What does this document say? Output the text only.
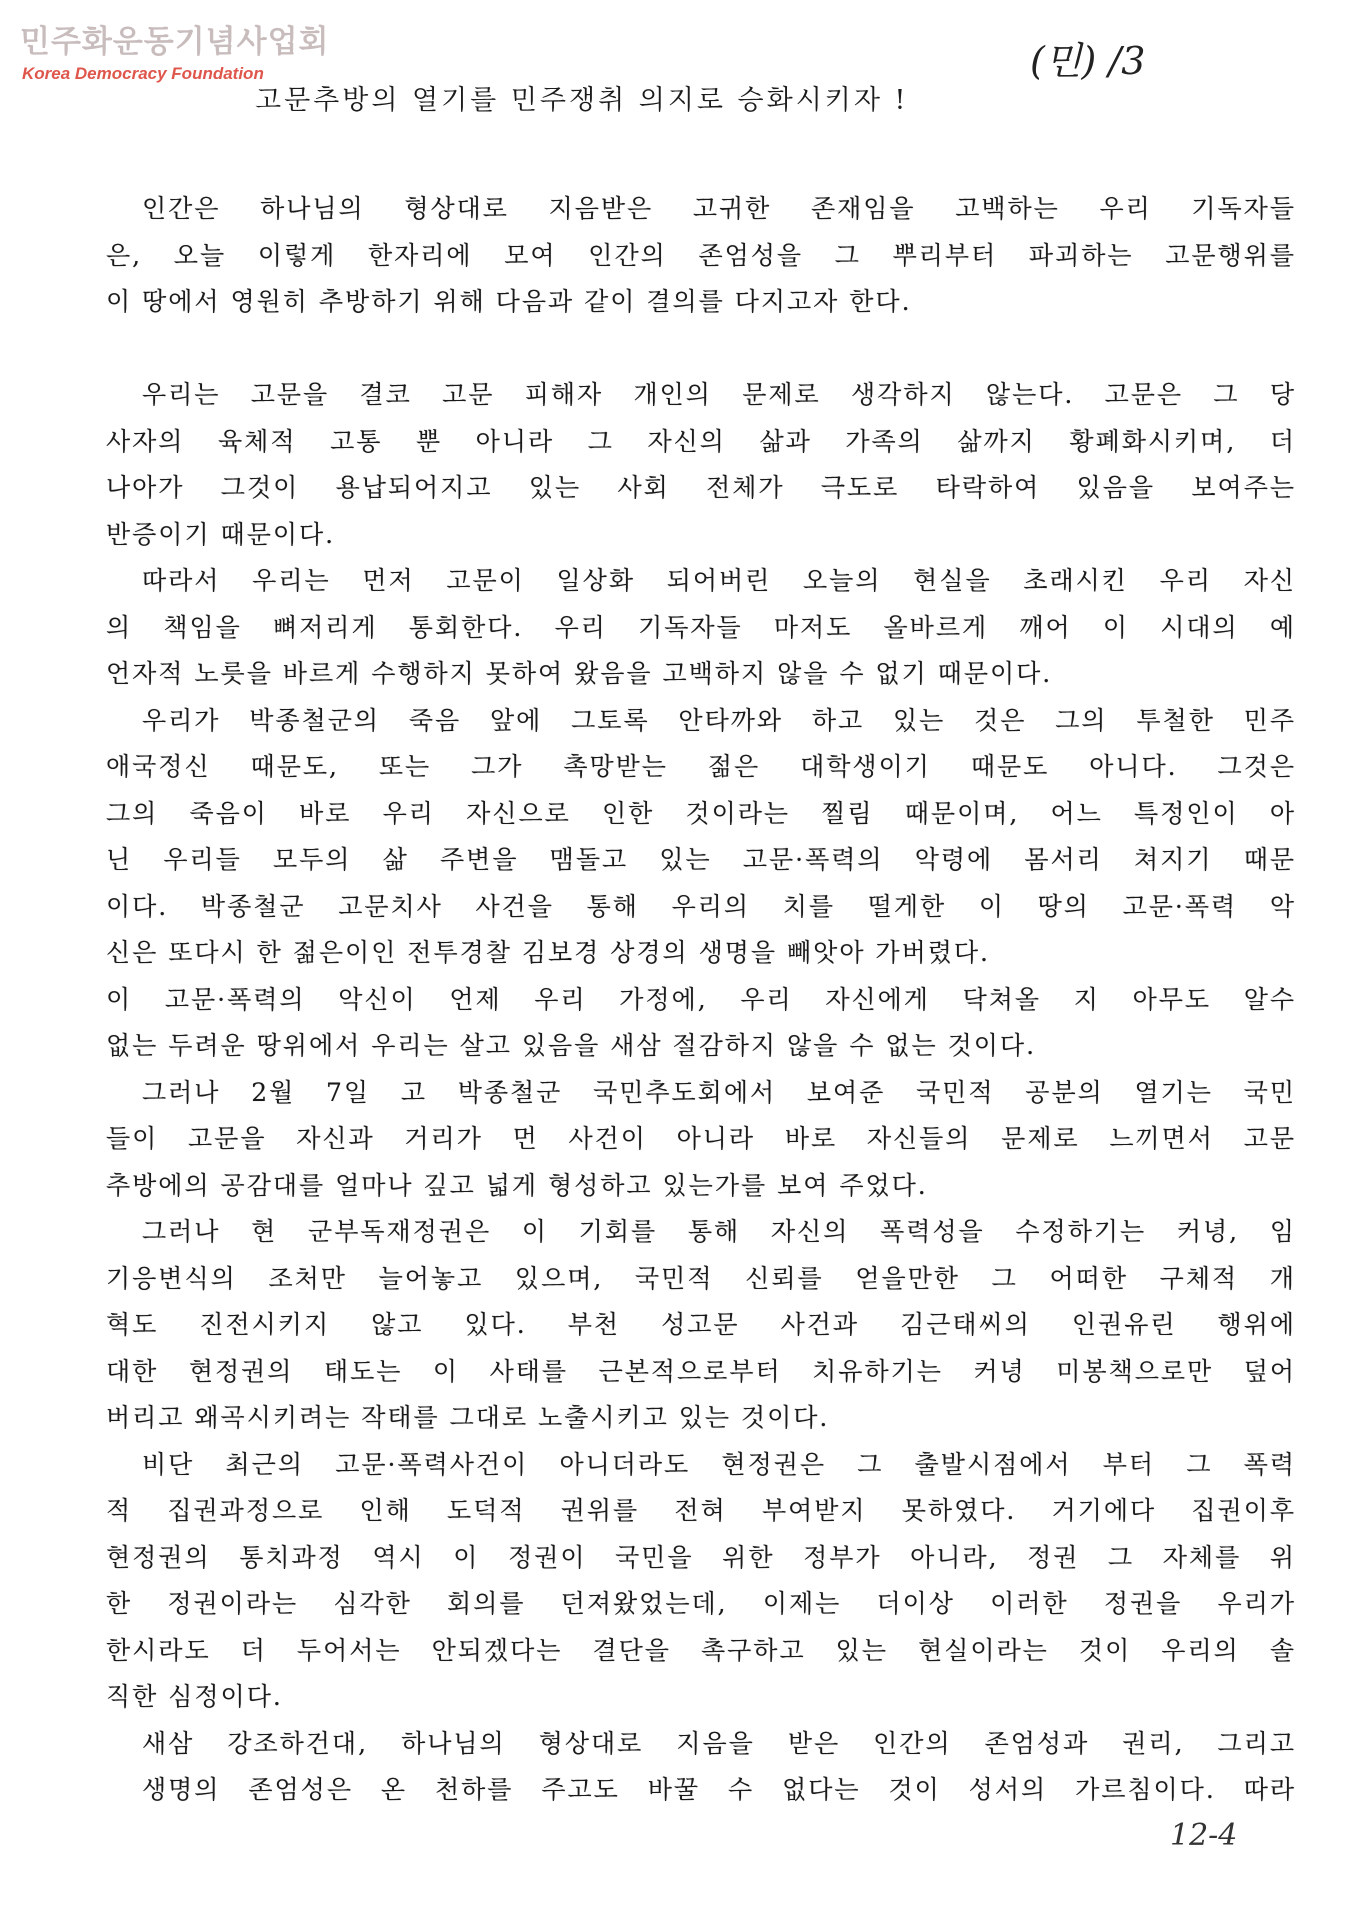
민주화운동기념사업회
Korea Democracy Foundation	(민) /3
고문추방의 열기를 민주쟁취 의지로 승화시키자 !
인간은 하나님의 형상대로 지음받은 고귀한 존재임을 고백하는 우리 기독자들
은, 오늘 이렇게 한자리에 모여 인간의 존엄성을 그 뿌리부터 파괴하는 고문행위를
이 땅에서 영원히 추방하기 위해 다음과 같이 결의를 다지고자 한다.
우리는 고문을 결코 고문 피해자 개인의 문제로 생각하지 않는다. 고문은 그 당
사자의 육체적 고통 뿐 아니라 그 자신의 삶과 가족의 삶까지 황폐화시키며, 더
나아가 그것이 용납되어지고 있는 사회 전체가 극도로 타락하여 있음을 보여주는
반증이기 때문이다.
따라서 우리는 먼저 고문이 일상화 되어버린 오늘의 현실을 초래시킨 우리 자신
의 책임을 뼈저리게 통회한다. 우리 기독자들 마저도 올바르게 깨어 이 시대의 예
언자적 노릇을 바르게 수행하지 못하여 왔음을 고백하지 않을 수 없기 때문이다.
우리가 박종철군의 죽음 앞에 그토록 안타까와 하고 있는 것은 그의 투철한 민주
애국정신 때문도, 또는 그가 촉망받는 젊은 대학생이기 때문도 아니다. 그것은
그의 죽음이 바로 우리 자신으로 인한 것이라는 찔림 때문이며, 어느 특정인이 아
닌 우리들 모두의 삶 주변을 맴돌고 있는 고문·폭력의 악령에 몸서리 쳐지기 때문
이다. 박종철군 고문치사 사건을 통해 우리의 치를 떨게한 이 땅의 고문·폭력 악
신은 또다시 한 젊은이인 전투경찰 김보경 상경의 생명을 빼앗아 가버렸다.
이 고문·폭력의 악신이 언제 우리 가정에, 우리 자신에게 닥쳐올 지 아무도 알수
없는 두려운 땅위에서 우리는 살고 있음을 새삼 절감하지 않을 수 없는 것이다.
그러나 2월 7일 고 박종철군 국민추도회에서 보여준 국민적 공분의 열기는 국민
들이 고문을 자신과 거리가 먼 사건이 아니라 바로 자신들의 문제로 느끼면서 고문
추방에의 공감대를 얼마나 깊고 넓게 형성하고 있는가를 보여 주었다.
그러나 현 군부독재정권은 이 기회를 통해 자신의 폭력성을 수정하기는 커녕, 임
기응변식의 조처만 늘어놓고 있으며, 국민적 신뢰를 얻을만한 그 어떠한 구체적 개
혁도 진전시키지 않고 있다. 부천 성고문 사건과 김근태씨의 인권유린 행위에
대한 현정권의 태도는 이 사태를 근본적으로부터 치유하기는 커녕 미봉책으로만 덮어
버리고 왜곡시키려는 작태를 그대로 노출시키고 있는 것이다.
비단 최근의 고문·폭력사건이 아니더라도 현정권은 그 출발시점에서 부터 그 폭력
적 집권과정으로 인해 도덕적 권위를 전혀 부여받지 못하였다. 거기에다 집권이후
현정권의 통치과정 역시 이 정권이 국민을 위한 정부가 아니라, 정권 그 자체를 위
한 정권이라는 심각한 회의를 던져왔었는데, 이제는 더이상 이러한 정권을 우리가
한시라도 더 두어서는 안되겠다는 결단을 촉구하고 있는 현실이라는 것이 우리의 솔
직한 심정이다.
새삼 강조하건대, 하나님의 형상대로 지음을 받은 인간의 존엄성과 권리, 그리고
생명의 존엄성은 온 천하를 주고도 바꿀 수 없다는 것이 성서의 가르침이다. 따라
12-4
